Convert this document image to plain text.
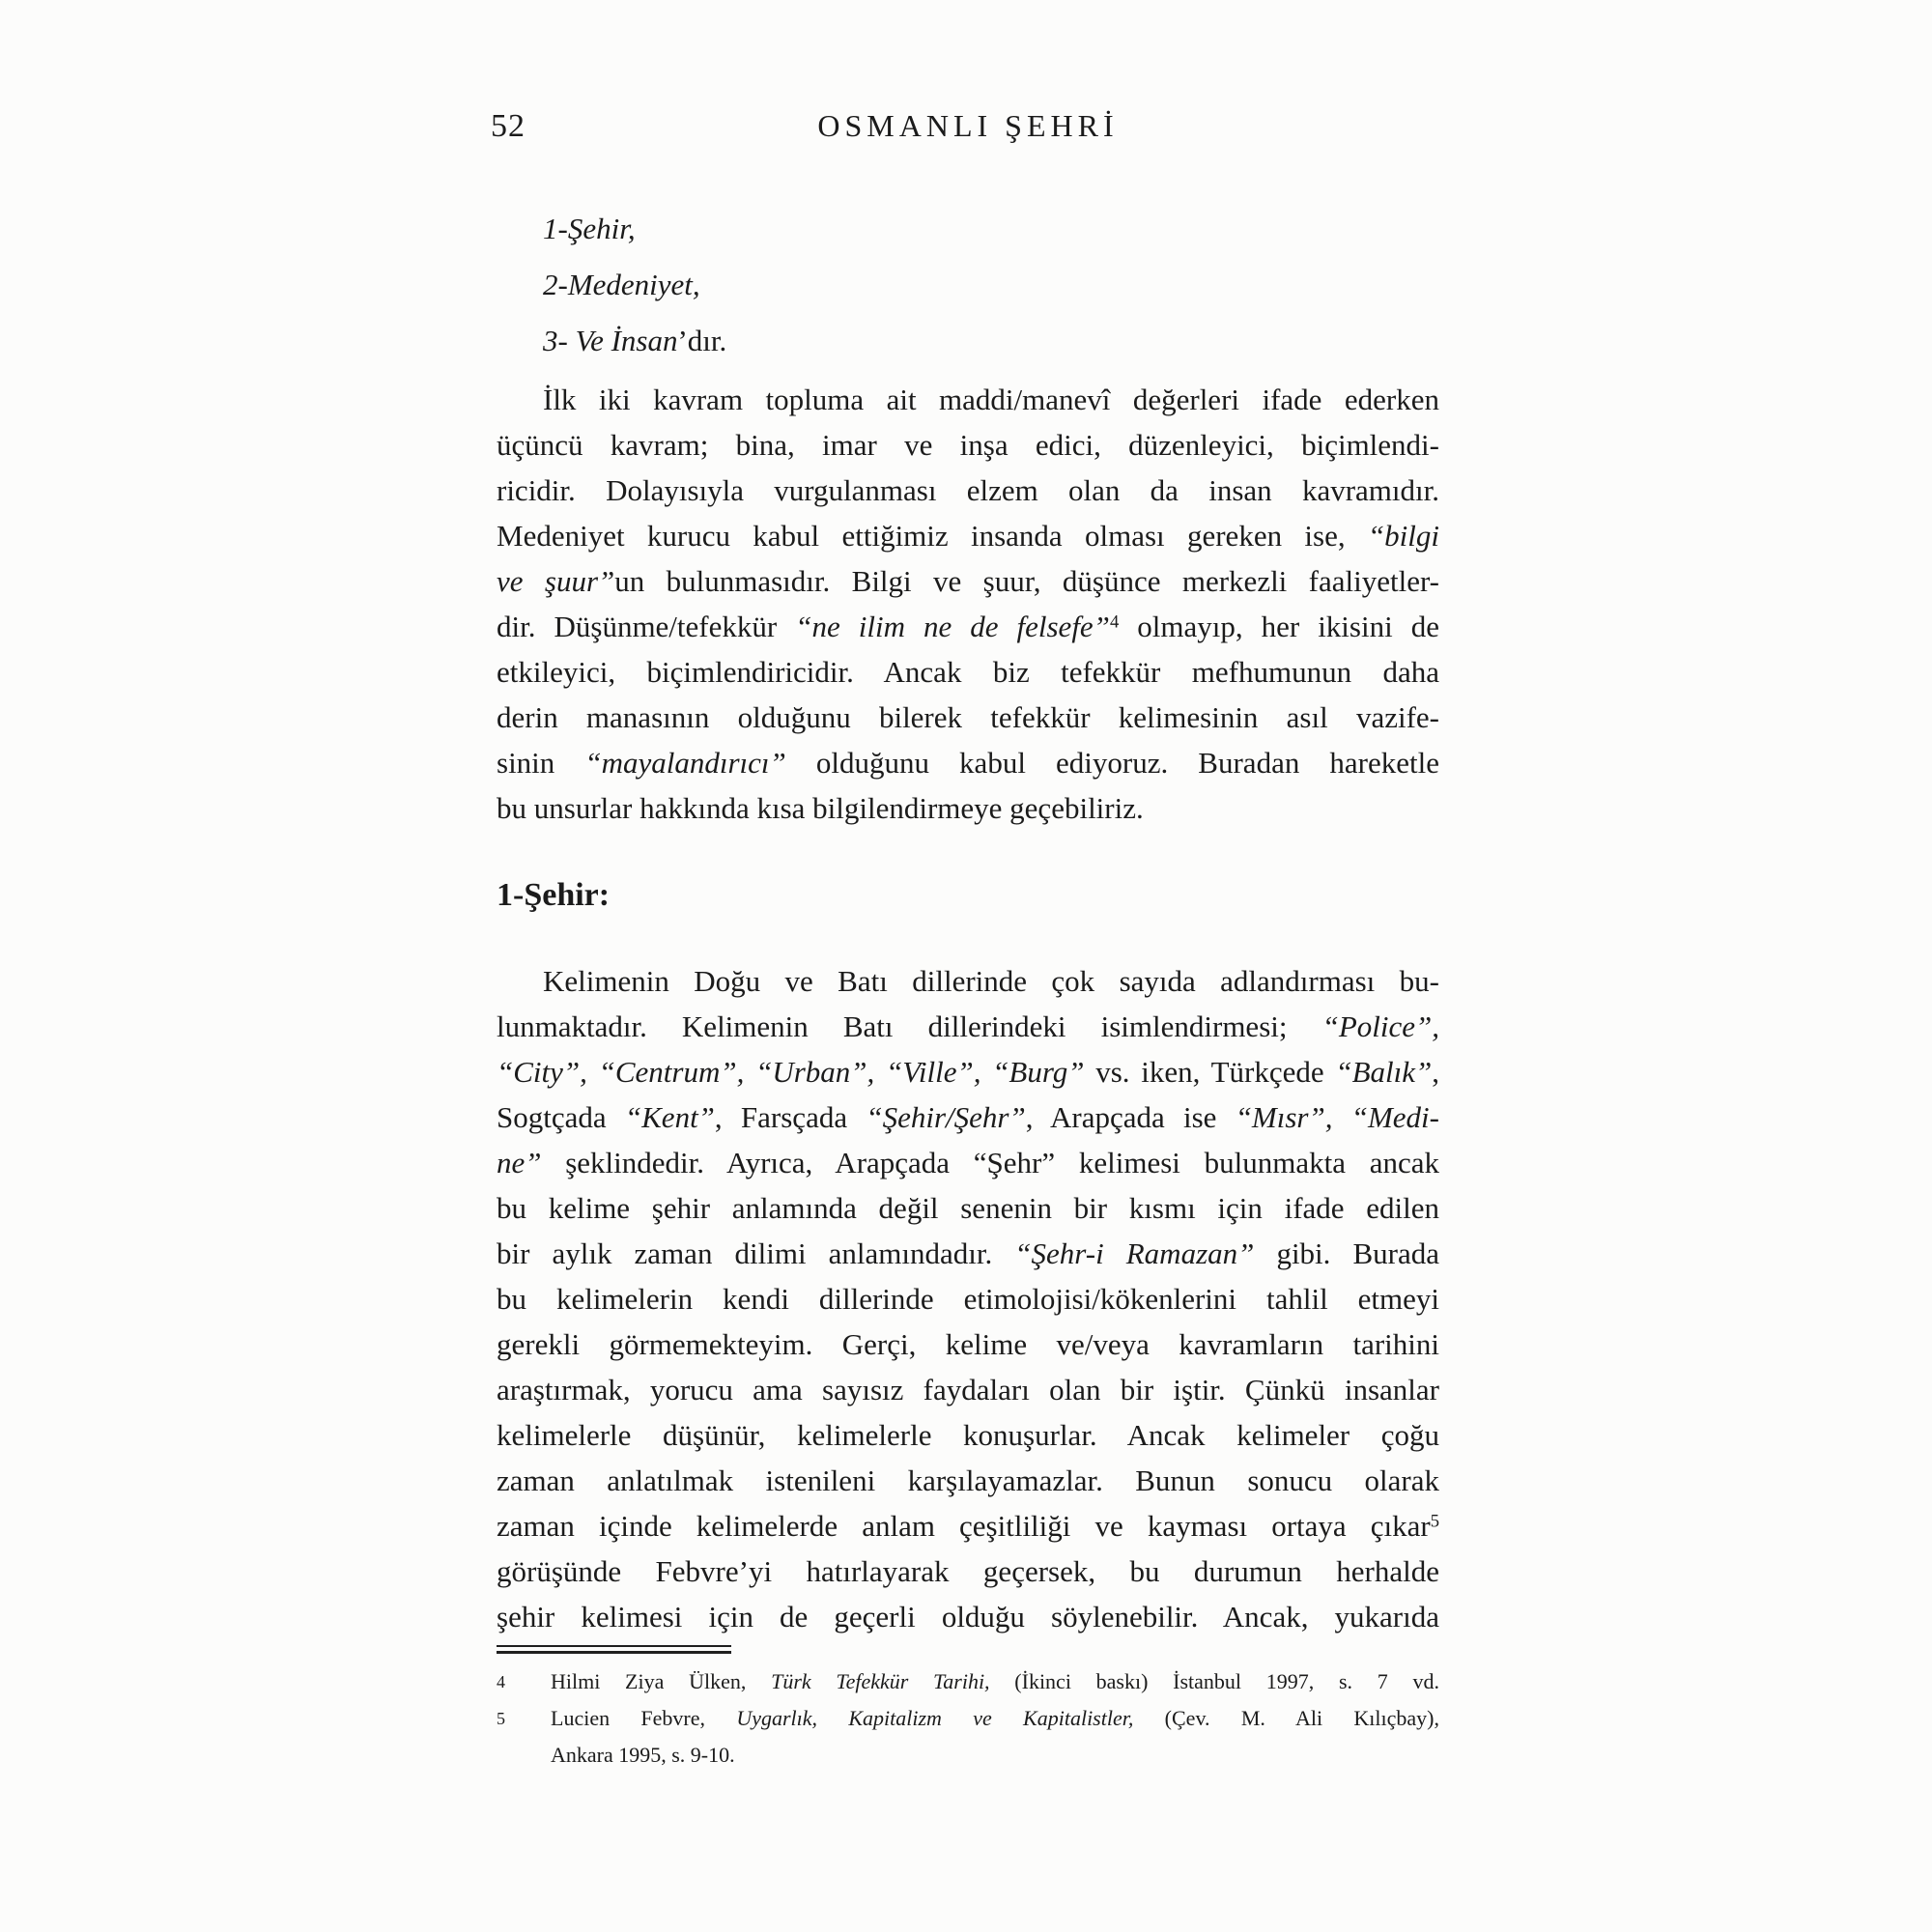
52	OSMANLI ŞEHRİ
1-Şehir,
2-Medeniyet,
3- Ve İnsan’dır.
İlk iki kavram topluma ait maddi/manevî değerleri ifade ederken
üçüncü kavram; bina, imar ve inşa edici, düzenleyici, biçimlendi-
ricidir. Dolayısıyla vurgulanması elzem olan da insan kavramıdır.
Medeniyet kurucu kabul ettiğimiz insanda olması gereken ise, “bilgi
ve şuur”un bulunmasıdır. Bilgi ve şuur, düşünce merkezli faaliyetler-
dir. Düşünme/tefekkür “ne ilim ne de felsefe”$^4$ olmayıp, her ikisini de
etkileyici, biçimlendiricidir. Ancak biz tefekkür mefhumunun daha
derin manasının olduğunu bilerek tefekkür kelimesinin asıl vazife-
sinin “mayalandırıcı” olduğunu kabul ediyoruz. Buradan hareketle
bu unsurlar hakkında kısa bilgilendirmeye geçebiliriz.
1-Şehir:
Kelimenin Doğu ve Batı dillerinde çok sayıda adlandırması bu-
lunmaktadır. Kelimenin Batı dillerindeki isimlendirmesi; “Police”,
“City”, “Centrum”, “Urban”, “Ville”, “Burg” vs. iken, Türkçede “Balık”,
Sogtçada “Kent”, Farsçada “Şehir/Şehr”, Arapçada ise “Mısr”, “Medi-
ne” şeklindedir. Ayrıca, Arapçada “Şehr” kelimesi bulunmakta ancak
bu kelime şehir anlamında değil senenin bir kısmı için ifade edilen
bir aylık zaman dilimi anlamındadır. “Şehr-i Ramazan” gibi. Burada
bu kelimelerin kendi dillerinde etimolojisi/kökenlerini tahlil etmeyi
gerekli görmemekteyim. Gerçi, kelime ve/veya kavramların tarihini
araştırmak, yorucu ama sayısız faydaları olan bir iştir. Çünkü insanlar
kelimelerle düşünür, kelimelerle konuşurlar. Ancak kelimeler çoğu
zaman anlatılmak istenileni karşılayamazlar. Bunun sonucu olarak
zaman içinde kelimelerde anlam çeşitliliği ve kayması ortaya çıkar$^5$
görüşünde Febvre’yi hatırlayarak geçersek, bu durumun herhalde
şehir kelimesi için de geçerli olduğu söylenebilir. Ancak, yukarıda
4	Hilmi Ziya Ülken, Türk Tefekkür Tarihi, (İkinci baskı) İstanbul 1997, s. 7 vd.
5	Lucien Febvre, Uygarlık, Kapitalizm ve Kapitalistler, (Çev. M. Ali Kılıçbay),
Ankara 1995, s. 9-10.
